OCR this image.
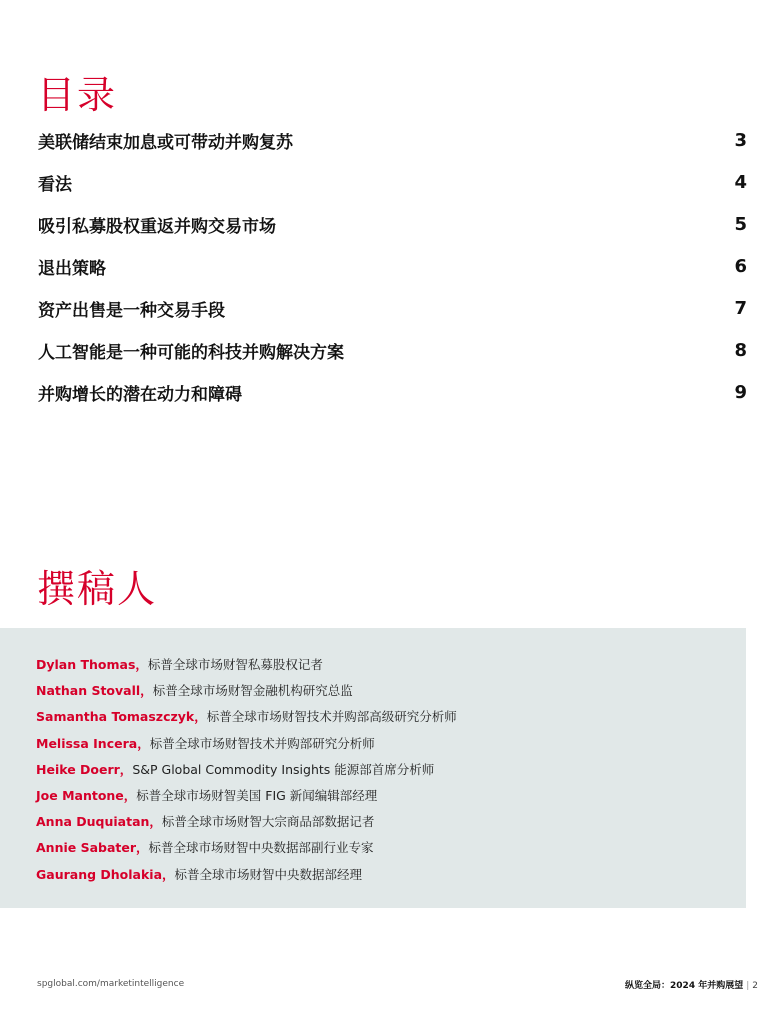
目录
美联储结束加息或可带动并购复苏	3
看法	4
吸引私募股权重返并购交易市场	5
退出策略	6
资产出售是一种交易手段	7
人工智能是一种可能的科技并购解决方案	8
并购增长的潜在动力和障碍	9
撰稿人
Dylan Thomas，标普全球市场财智私募股权记者
Nathan Stovall，标普全球市场财智金融机构研究总监
Samantha Tomaszczyk，标普全球市场财智技术并购部高级研究分析师
Melissa Incera，标普全球市场财智技术并购部研究分析师
Heike Doerr，S&P Global Commodity Insights 能源部首席分析师
Joe Mantone，标普全球市场财智美国 FIG 新闻编辑部经理
Anna Duquiatan，标普全球市场财智大宗商品部数据记者
Annie Sabater，标普全球市场财智中央数据部副行业专家
Gaurang Dholakia，标普全球市场财智中央数据部经理
spglobal.com/marketintelligence	纵览全局：2024 年并购展望 | 2
